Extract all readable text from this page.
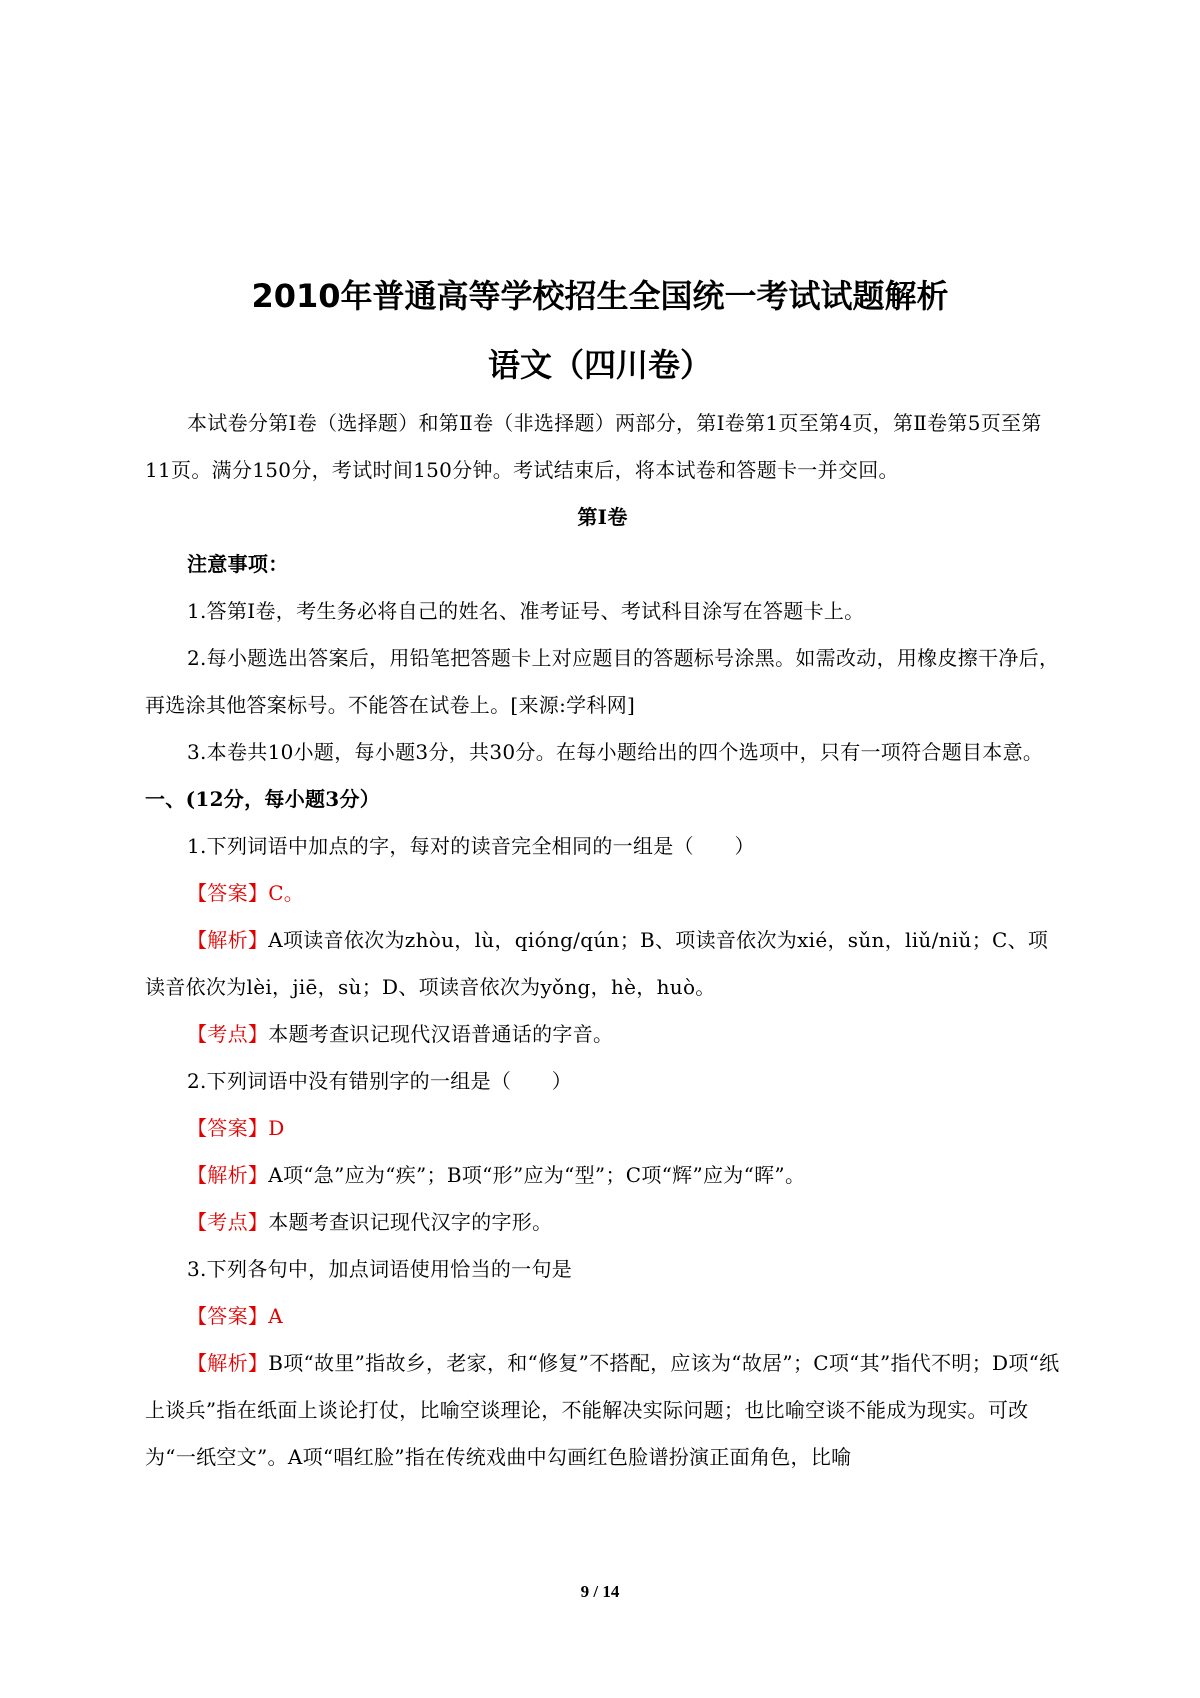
2010年普通高等学校招生全国统一考试试题解析
语文（四川卷）

本试卷分第Ⅰ卷（选择题）和第Ⅱ卷（非选择题）两部分，第Ⅰ卷第1页至第4页，第Ⅱ卷第5页至第11页。满分150分，考试时间150分钟。考试结束后，将本试卷和答题卡一并交回。

第Ⅰ卷

注意事项：

1.答第Ⅰ卷，考生务必将自己的姓名、准考证号、考试科目涂写在答题卡上。

2.每小题选出答案后，用铅笔把答题卡上对应题目的答题标号涂黑。如需改动，用橡皮擦干净后，再选涂其他答案标号。不能答在试卷上。[来源:学科网]

3.本卷共10小题，每小题3分，共30分。在每小题给出的四个选项中，只有一项符合题目本意。

一、(12分，每小题3分）

1.下列词语中加点的字，每对的读音完全相同的一组是（　　）

【答案】C。

【解析】A项读音依次为zhòu，lù，qióng/qún；B、项读音依次为xié，sǔn，liǔ/niǔ；C、项读音依次为lèi，jiē，sù；D、项读音依次为yǒng，hè，huò。

【考点】本题考查识记现代汉语普通话的字音。

2.下列词语中没有错别字的一组是（　　）

【答案】D

【解析】A项“急”应为“疾”；B项“形”应为“型”；C项“辉”应为“晖”。

【考点】本题考查识记现代汉字的字形。

3.下列各句中，加点词语使用恰当的一句是

【答案】A

【解析】B项“故里”指故乡，老家，和“修复”不搭配，应该为“故居”；C项“其”指代不明；D项“纸上谈兵”指在纸面上谈论打仗，比喻空谈理论，不能解决实际问题；也比喻空谈不能成为现实。可改为“一纸空文”。A项“唱红脸”指在传统戏曲中勾画红色脸谱扮演正面角色，比喻

9 / 14
